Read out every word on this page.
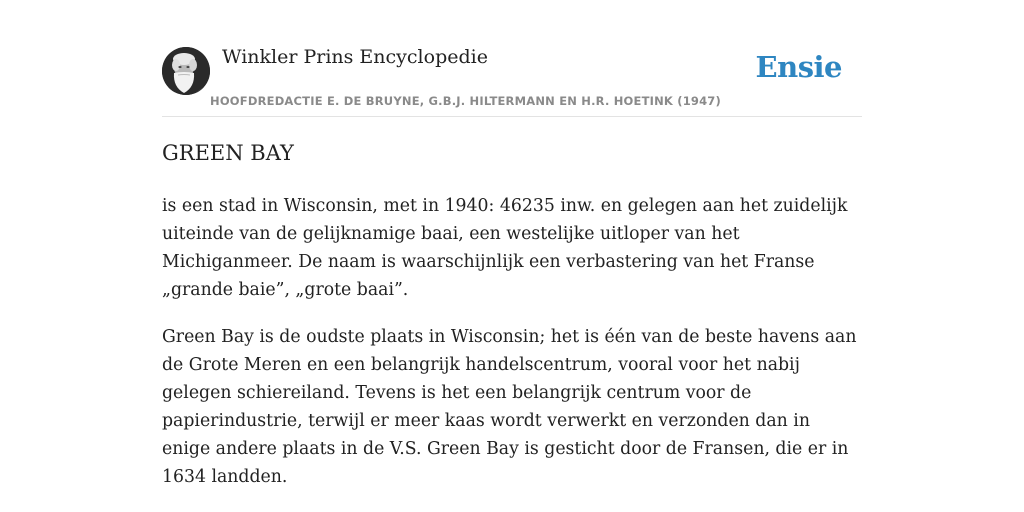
Winkler Prins Encyclopedie
HOOFDREDACTIE E. DE BRUYNE, G.B.J. HILTERMANN EN H.R. HOETINK (1947)
Ensie
GREEN BAY

is een stad in Wisconsin, met in 1940: 46235 inw. en gelegen aan het zuidelijk uiteinde van de gelijknamige baai, een westelijke uitloper van het Michiganmeer. De naam is waarschijnlijk een verbastering van het Franse „grande baie”, „grote baai”.

Green Bay is de oudste plaats in Wisconsin; het is één van de beste havens aan de Grote Meren en een belangrijk handelscentrum, vooral voor het nabij gelegen schiereiland. Tevens is het een belangrijk centrum voor de papierindustrie, terwijl er meer kaas wordt verwerkt en verzonden dan in enige andere plaats in de V.S. Green Bay is gesticht door de Fransen, die er in 1634 landden.
